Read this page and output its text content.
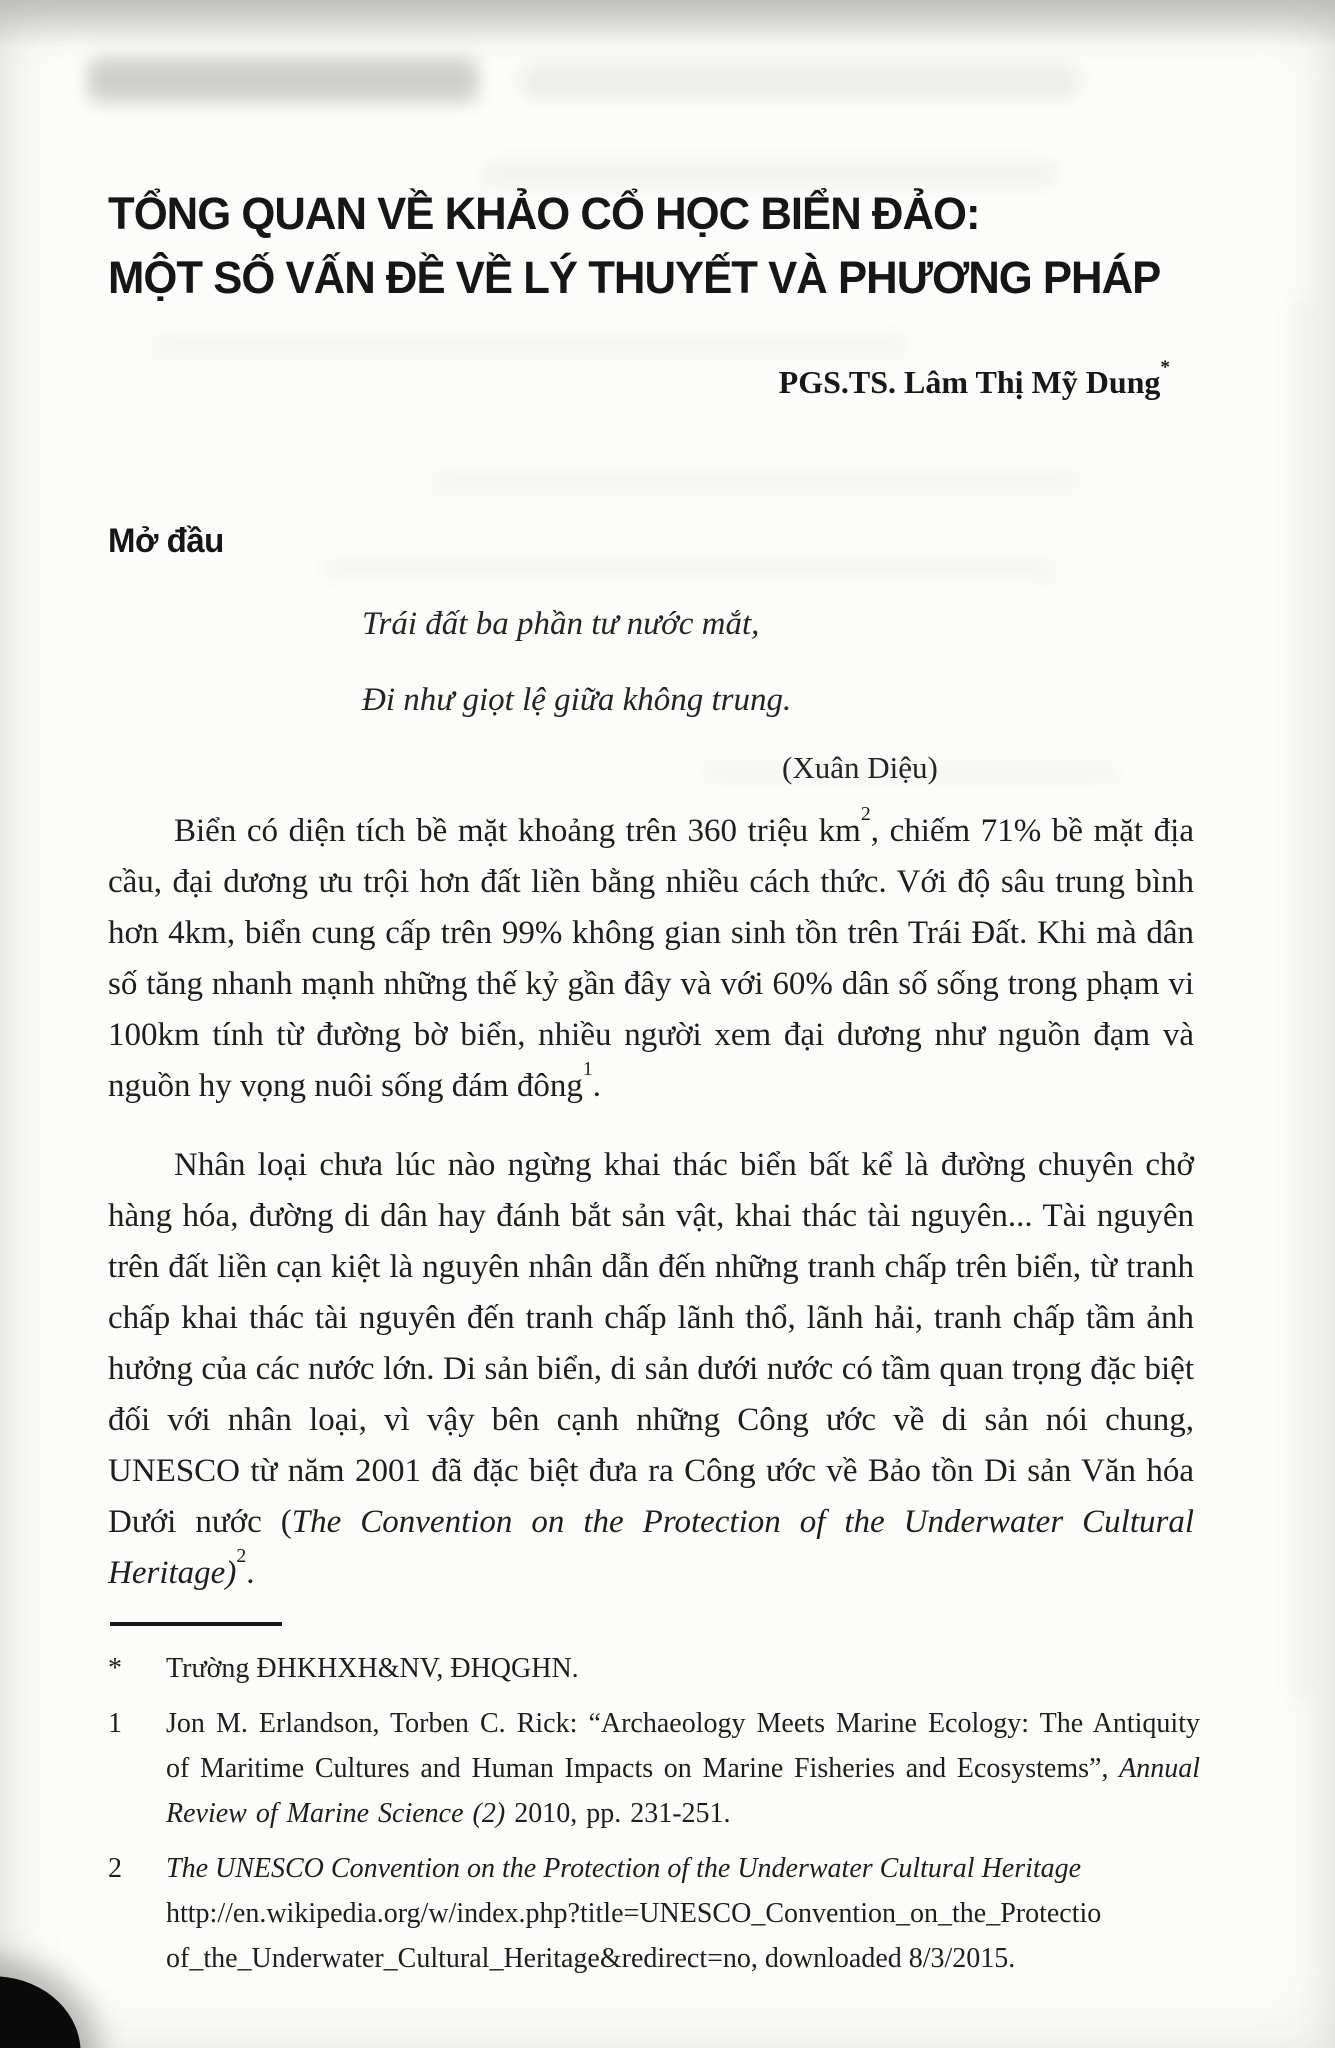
TỔNG QUAN VỀ KHẢO CỔ HỌC BIỂN ĐẢO:
MỘT SỐ VẤN ĐỀ VỀ LÝ THUYẾT VÀ PHƯƠNG PHÁP
PGS.TS. Lâm Thị Mỹ Dung*
Mở đầu
Trái đất ba phần tư nước mắt,
Đi như giọt lệ giữa không trung.
(Xuân Diệu)

Biển có diện tích bề mặt khoảng trên 360 triệu $km^2$, chiếm 71% bề mặt địa cầu, đại dương ưu trội hơn đất liền bằng nhiều cách thức. Với độ sâu trung bình hơn 4km, biển cung cấp trên 99% không gian sinh tồn trên Trái Đất. Khi mà dân số tăng nhanh mạnh những thế kỷ gần đây và với 60% dân số sống trong phạm vi 100km tính từ đường bờ biển, nhiều người xem đại dương như nguồn đạm và nguồn hy vọng nuôi sống đám đông$^1$.

Nhân loại chưa lúc nào ngừng khai thác biển bất kể là đường chuyên chở hàng hóa, đường di dân hay đánh bắt sản vật, khai thác tài nguyên... Tài nguyên trên đất liền cạn kiệt là nguyên nhân dẫn đến những tranh chấp trên biển, từ tranh chấp khai thác tài nguyên đến tranh chấp lãnh thổ, lãnh hải, tranh chấp tầm ảnh hưởng của các nước lớn. Di sản biển, di sản dưới nước có tầm quan trọng đặc biệt đối với nhân loại, vì vậy bên cạnh những Công ước về di sản nói chung, UNESCO từ năm 2001 đã đặc biệt đưa ra Công ước về Bảo tồn Di sản Văn hóa Dưới nước (The Convention on the Protection of the Underwater Cultural Heritage)$^2$.

*	Trường ĐHKHXH&NV, ĐHQGHN.
1	Jon M. Erlandson, Torben C. Rick: “Archaeology Meets Marine Ecology: The Antiquity of Maritime Cultures and Human Impacts on Marine Fisheries and Ecosystems”, Annual Review of Marine Science (2) 2010, pp. 231-251.
2	The UNESCO Convention on the Protection of the Underwater Cultural Heritage
http://en.wikipedia.org/w/index.php?title=UNESCO_Convention_on_the_Protectio
of_the_Underwater_Cultural_Heritage&redirect=no, downloaded 8/3/2015.
